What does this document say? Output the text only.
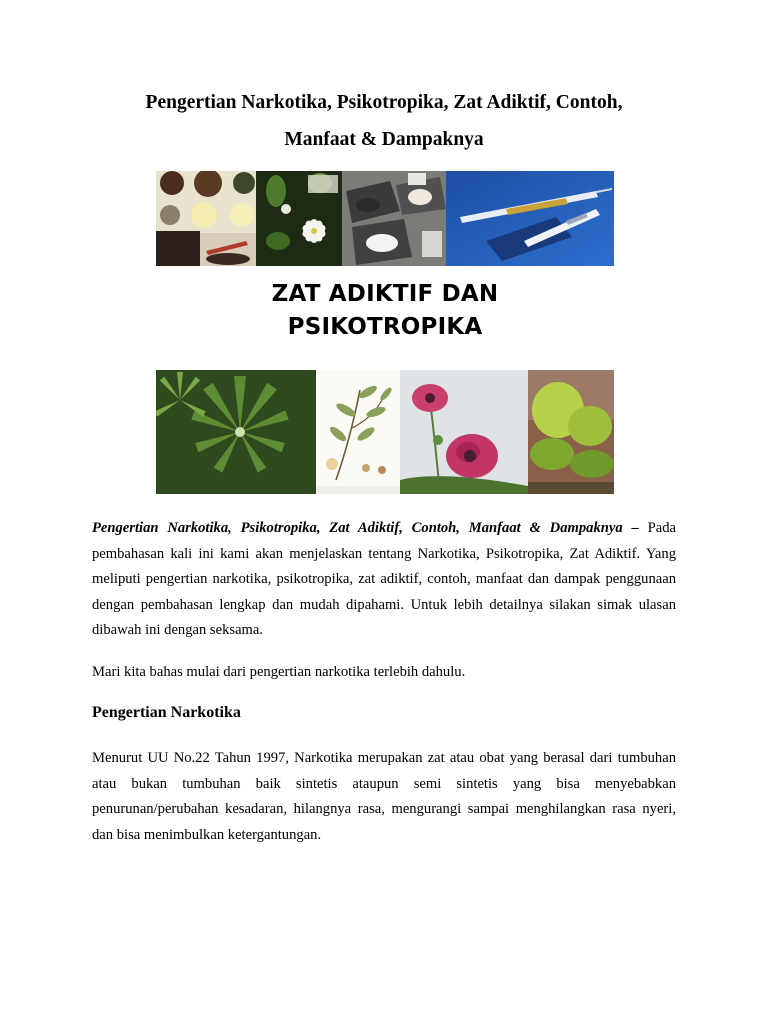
Pengertian Narkotika, Psikotropika, Zat Adiktif, Contoh,
Manfaat & Dampaknya
ZAT ADIKTIF DAN
PSIKOTROPIKA
Pengertian Narkotika, Psikotropika, Zat Adiktif, Contoh, Manfaat & Dampaknya – Pada pembahasan kali ini kami akan menjelaskan tentang Narkotika, Psikotropika, Zat Adiktif. Yang meliputi pengertian narkotika, psikotropika, zat adiktif, contoh, manfaat dan dampak penggunaan dengan pembahasan lengkap dan mudah dipahami. Untuk lebih detailnya silakan simak ulasan dibawah ini dengan seksama.
Mari kita bahas mulai dari pengertian narkotika terlebih dahulu.
Pengertian Narkotika
Menurut UU No.22 Tahun 1997, Narkotika merupakan zat atau obat yang berasal dari tumbuhan atau bukan tumbuhan baik sintetis ataupun semi sintetis yang bisa menyebabkan penurunan/perubahan kesadaran, hilangnya rasa, mengurangi sampai menghilangkan rasa nyeri, dan bisa menimbulkan ketergantungan.
